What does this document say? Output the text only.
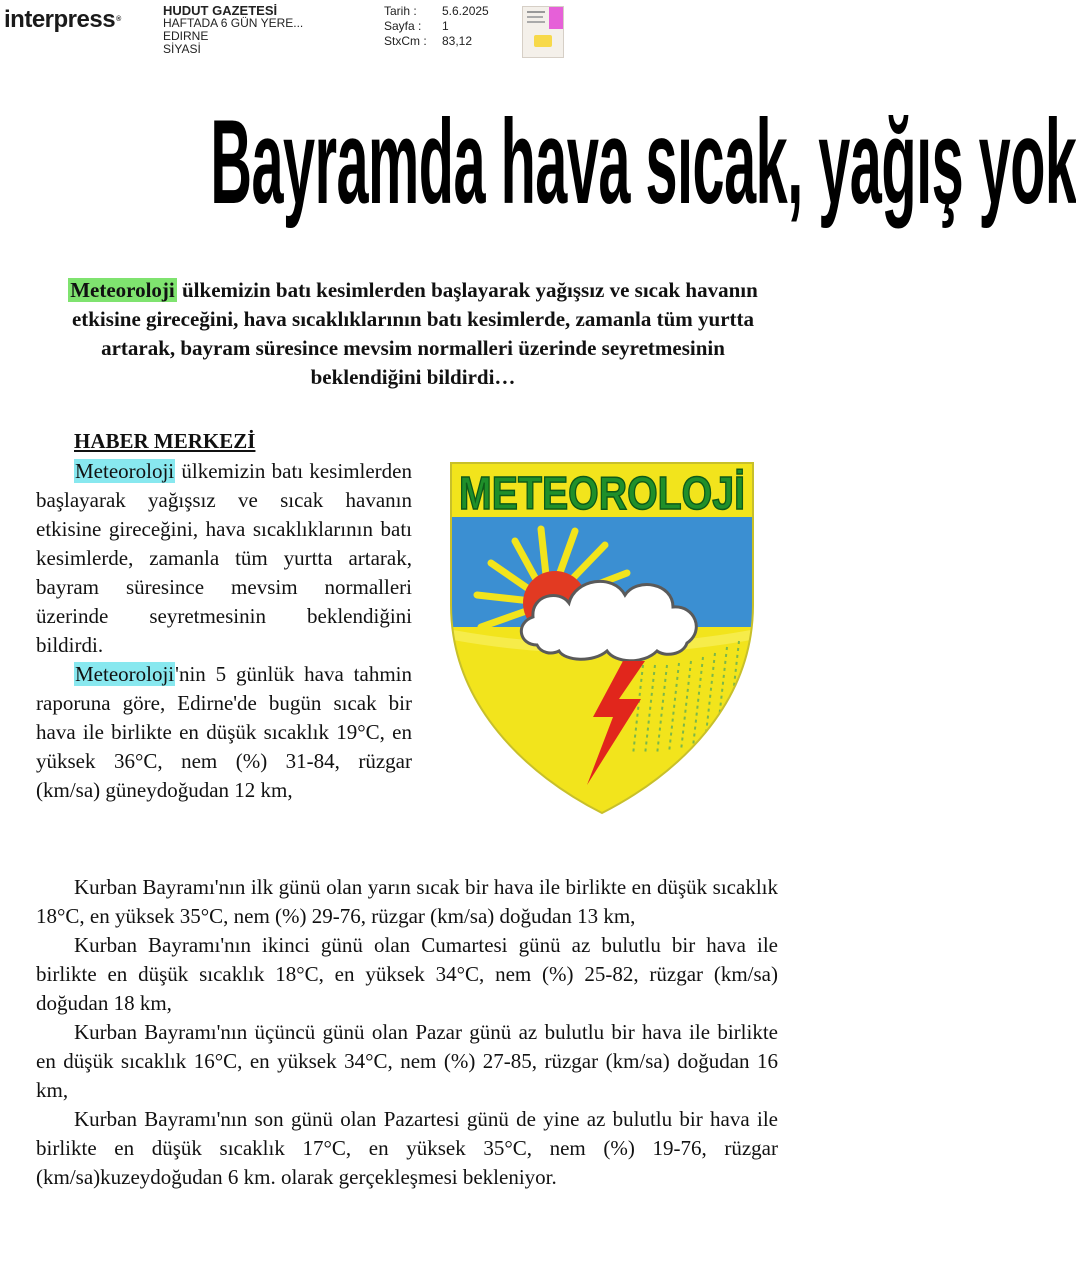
interpress®
HUDUT GAZETESİ
HAFTADA 6 GÜN YERE...
EDIRNE
SİYASİ
Tarih :	5.6.2025
Sayfa :	1
StxCm :	83,12
Bayramda hava sıcak, yağış yok
Meteoroloji ülkemizin batı kesimlerden başlayarak yağışsız ve sıcak havanın etkisine gireceğini, hava sıcaklıklarının batı kesimlerde, zamanla tüm yurtta artarak, bayram süresince mevsim normalleri üzerinde seyretmesinin beklendiğini bildirdi…
HABER MERKEZİ

Meteoroloji ülkemizin batı kesimlerden başlayarak yağışsız ve sıcak havanın etkisine gireceğini, hava sıcaklıklarının batı kesimlerde, zamanla tüm yurtta artarak, bayram süresince mevsim normalleri üzerinde seyretmesinin beklendiğini bildirdi.

Meteoroloji'nin 5 günlük hava tahmin raporuna göre, Edirne'de bugün sıcak bir hava ile birlikte en düşük sıcaklık 19°C, en yüksek 36°C, nem (%) 31-84, rüzgar (km/sa) güneydoğudan 12 km,

METEOROLOJİ

Kurban Bayramı'nın ilk günü olan yarın sıcak bir hava ile birlikte en düşük sıcaklık 18°C, en yüksek 35°C, nem (%) 29-76, rüzgar (km/sa) doğudan 13 km,

Kurban Bayramı'nın ikinci günü olan Cumartesi günü az bulutlu bir hava ile birlikte en düşük sıcaklık 18°C, en yüksek 34°C, nem (%) 25-82, rüzgar (km/sa) doğudan 18 km,

Kurban Bayramı'nın üçüncü günü olan Pazar günü az bulutlu bir hava ile birlikte en düşük sıcaklık 16°C, en yüksek 34°C, nem (%) 27-85, rüzgar (km/sa) doğudan 16 km,

Kurban Bayramı'nın son günü olan Pazartesi günü de yine az bulutlu bir hava ile birlikte en düşük sıcaklık 17°C, en yüksek 35°C, nem (%) 19-76, rüzgar (km/sa)kuzeydoğudan 6 km. olarak gerçekleşmesi bekleniyor.
